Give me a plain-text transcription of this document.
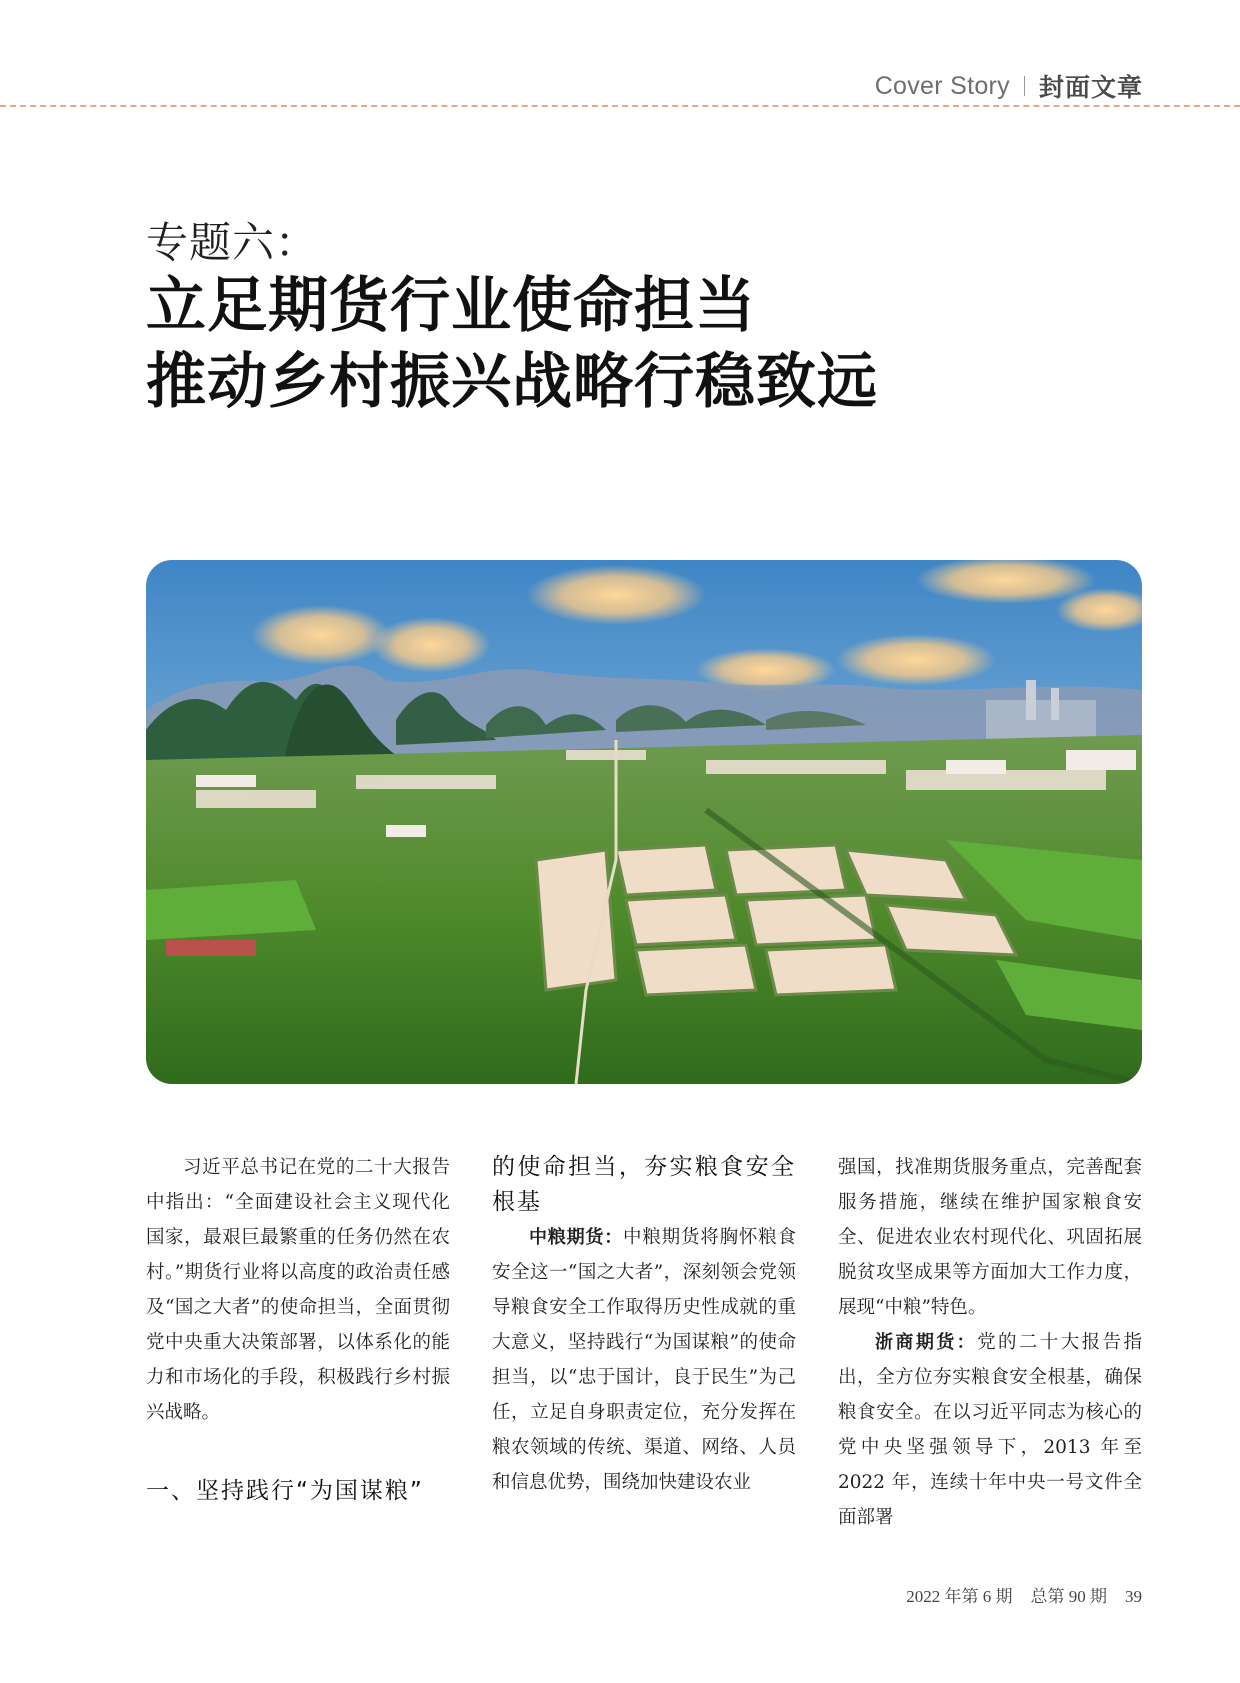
Cover Story 封面文章
专题六：
立足期货行业使命担当
推动乡村振兴战略行稳致远

习近平总书记在党的二十大报告中指出：“全面建设社会主义现代化国家，最艰巨最繁重的任务仍然在农村。”期货行业将以高度的政治责任感及“国之大者”的使命担当，全面贯彻党中央重大决策部署，以体系化的能力和市场化的手段，积极践行乡村振兴战略。

一、坚持践行“为国谋粮”
的使命担当，夯实粮食安全根基

中粮期货：中粮期货将胸怀粮食安全这一“国之大者”，深刻领会党领导粮食安全工作取得历史性成就的重大意义，坚持践行“为国谋粮”的使命担当，以“忠于国计，良于民生”为己任，立足自身职责定位，充分发挥在粮农领域的传统、渠道、网络、人员和信息优势，围绕加快建设农业

强国，找准期货服务重点，完善配套服务措施，继续在维护国家粮食安全、促进农业农村现代化、巩固拓展脱贫攻坚成果等方面加大工作力度，展现“中粮”特色。

浙商期货：党的二十大报告指出，全方位夯实粮食安全根基，确保粮食安全。在以习近平同志为核心的党中央坚强领导下，2013 年至 2022 年，连续十年中央一号文件全面部署

2022 年第 6 期 总第 90 期 39
